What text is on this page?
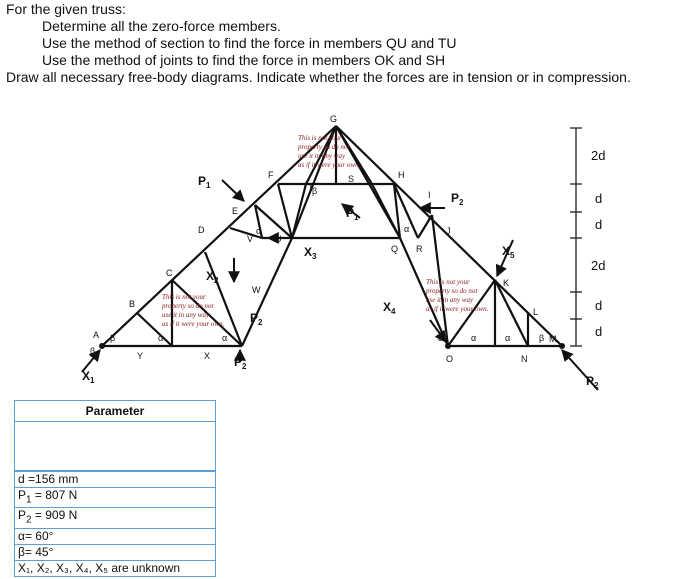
For the given truss:
Determine all the zero-force members.
Use the method of section to find the force in members QU and TU
Use the method of joints to find the force in members OK and SH
Draw all necessary free-body diagrams. Indicate whether the forces are in tension or in compression.
A
B
C
D
E
F
G
H
I
J
K
L
M
N
O
Q R
S
T
U
V
W
X
Y
β
β	α	α
α
β
α
α	α	α	β
$X_1$
$P_1$
$X_2$
$P_2$
$P_2$
$X_3$
$P_1$
$P_2$
$X_4$
$X_5$
$P_2$
2d
d
d
2d
d
d
This is not your
property so do not
use it in any way
as if it were your own.
This is not your
property so do not
use it in any way
as if it were your own.
This is not your
property so do not
use it in any way
as if it were your own.
Parameter

d =156 mm
$P_1 = 807$ N
$P_2 = 909$ N
α= 60°
β= 45°
X₁, X₂, X₃, X₄, X₅ are unknown
